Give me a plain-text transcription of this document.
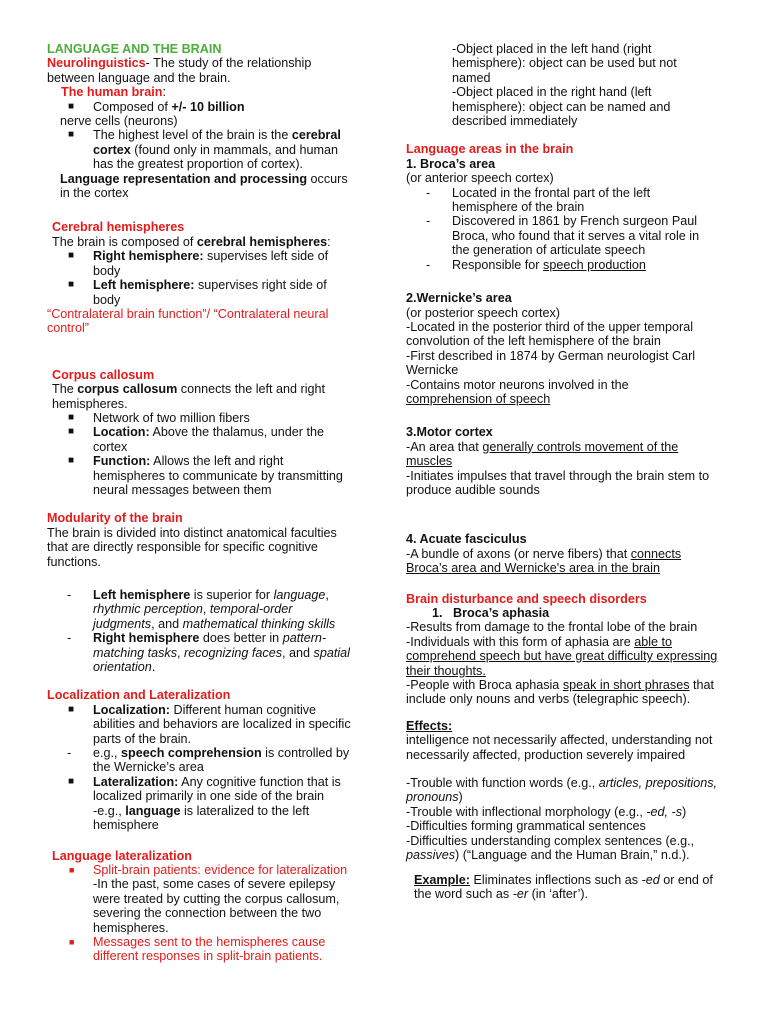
LANGUAGE AND THE BRAIN

Neurolinguistics- The study of the relationship between language and the brain.

The human brain:

■ Composed of +/- 10 billion

nerve cells (neurons)

■ The highest level of the brain is the cerebral cortex (found only in mammals, and human has the greatest proportion of cortex).

Language representation and processing occurs in the cortex

Cerebral hemispheres

The brain is composed of cerebral hemispheres:

■ Right hemisphere: supervises left side of body
■ Left hemisphere: supervises right side of body

“Contralateral brain function”/ “Contralateral neural control”

Corpus callosum

The corpus callosum connects the left and right hemispheres.

■ Network of two million fibers
■ Location: Above the thalamus, under the cortex
■ Function: Allows the left and right hemispheres to communicate by transmitting neural messages between them

Modularity of the brain

The brain is divided into distinct anatomical faculties that are directly responsible for specific cognitive functions.

- Left hemisphere is superior for language, rhythmic perception, temporal-order judgments, and mathematical thinking skills
- Right hemisphere does better in pattern-matching tasks, recognizing faces, and spatial orientation.

Localization and Lateralization

■ Localization: Different human cognitive abilities and behaviors are localized in specific parts of the brain.
- e.g., speech comprehension is controlled by the Wernicke’s area
■ Lateralization: Any cognitive function that is localized primarily in one side of the brain

-e.g., language is lateralized to the left hemisphere

Language lateralization

■ Split-brain patients: evidence for lateralization

-In the past, some cases of severe epilepsy were treated by cutting the corpus callosum, severing the connection between the two hemispheres.

■ Messages sent to the hemispheres cause different responses in split-brain patients.

-Object placed in the left hand (right hemisphere): object can be used but not named

-Object placed in the right hand (left hemisphere): object can be named and described immediately

Language areas in the brain

1. Broca’s area

(or anterior speech cortex)

- Located in the frontal part of the left hemisphere of the brain
- Discovered in 1861 by French surgeon Paul Broca, who found that it serves a vital role in the generation of articulate speech
- Responsible for speech production

2.Wernicke’s area

(or posterior speech cortex)

-Located in the posterior third of the upper temporal convolution of the left hemisphere of the brain

-First described in 1874 by German neurologist Carl Wernicke

-Contains motor neurons involved in the comprehension of speech

3.Motor cortex

-An area that generally controls movement of the muscles

-Initiates impulses that travel through the brain stem to produce audible sounds

4. Acuate fasciculus

-A bundle of axons (or nerve fibers) that connects Broca’s area and Wernicke's area in the brain

Brain disturbance and speech disorders

1. Broca’s aphasia

-Results from damage to the frontal lobe of the brain

-Individuals with this form of aphasia are able to comprehend speech but have great difficulty expressing their thoughts.

-People with Broca aphasia speak in short phrases that include only nouns and verbs (telegraphic speech).

Effects:

intelligence not necessarily affected, understanding not necessarily affected, production severely impaired

-Trouble with function words (e.g., articles, prepositions, pronouns)

-Trouble with inflectional morphology (e.g., -ed, -s)

-Difficulties forming grammatical sentences

-Difficulties understanding complex sentences (e.g., passives) (“Language and the Human Brain,” n.d.).

Example: Eliminates inflections such as -ed or end of the word such as -er (in ‘after’).
